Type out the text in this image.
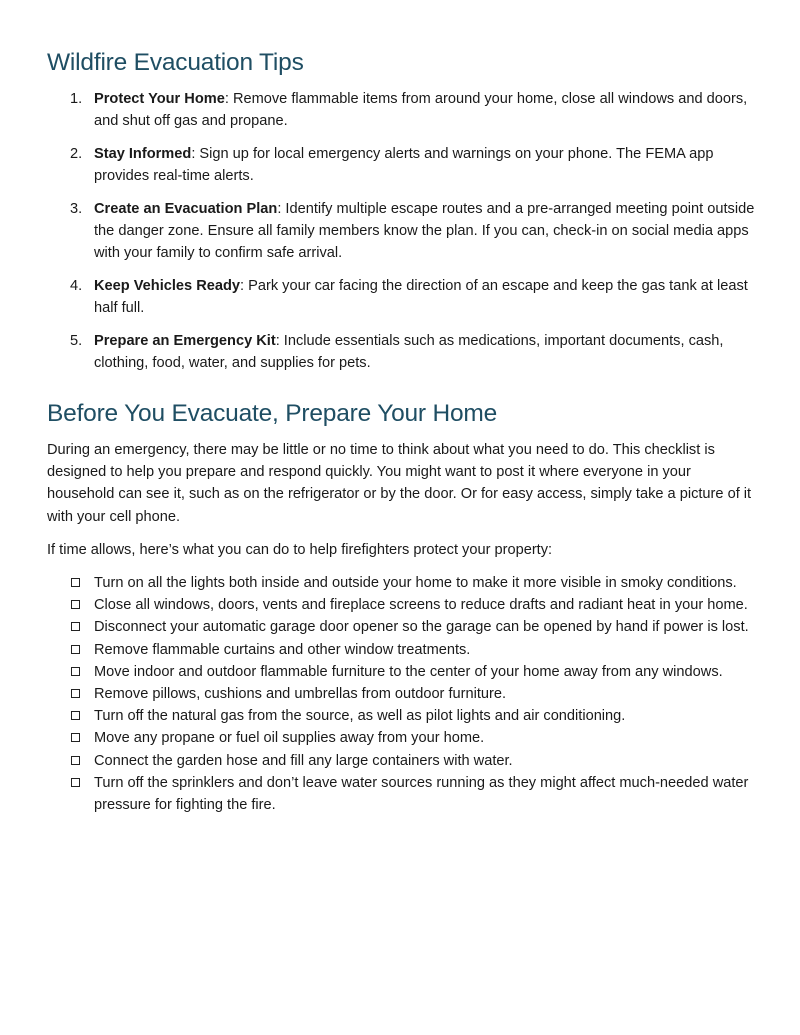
Wildfire Evacuation Tips
1. Protect Your Home: Remove flammable items from around your home, close all windows and doors, and shut off gas and propane.
2. Stay Informed: Sign up for local emergency alerts and warnings on your phone. The FEMA app provides real-time alerts.
3. Create an Evacuation Plan: Identify multiple escape routes and a pre-arranged meeting point outside the danger zone. Ensure all family members know the plan. If you can, check-in on social media apps with your family to confirm safe arrival.
4. Keep Vehicles Ready: Park your car facing the direction of an escape and keep the gas tank at least half full.
5. Prepare an Emergency Kit: Include essentials such as medications, important documents, cash, clothing, food, water, and supplies for pets.
Before You Evacuate, Prepare Your Home

During an emergency, there may be little or no time to think about what you need to do. This checklist is designed to help you prepare and respond quickly. You might want to post it where everyone in your household can see it, such as on the refrigerator or by the door. Or for easy access, simply take a picture of it with your cell phone.

If time allows, here’s what you can do to help firefighters protect your property:

Turn on all the lights both inside and outside your home to make it more visible in smoky conditions.
Close all windows, doors, vents and fireplace screens to reduce drafts and radiant heat in your home.
Disconnect your automatic garage door opener so the garage can be opened by hand if power is lost.
Remove flammable curtains and other window treatments.
Move indoor and outdoor flammable furniture to the center of your home away from any windows.
Remove pillows, cushions and umbrellas from outdoor furniture.
Turn off the natural gas from the source, as well as pilot lights and air conditioning.
Move any propane or fuel oil supplies away from your home.
Connect the garden hose and fill any large containers with water.
Turn off the sprinklers and don’t leave water sources running as they might affect much-needed water pressure for fighting the fire.
